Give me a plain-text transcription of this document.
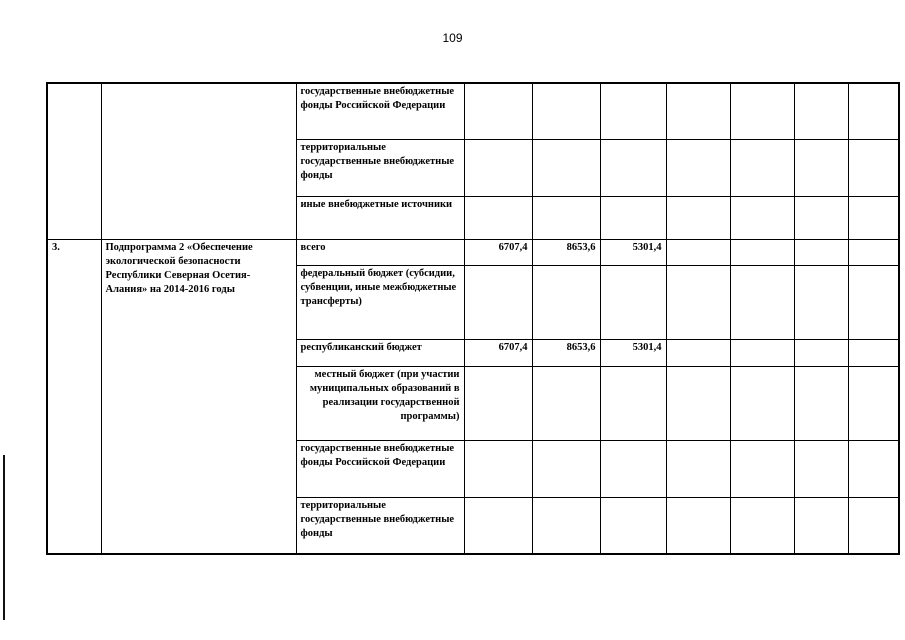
109
		государственные внебюджетные фонды Российской Федерации							
		территориальные государственные внебюджетные фонды							
		иные внебюджетные источники							
3.	Подпрограмма 2 «Обеспечение экологической безопасности Республики Северная Осетия-Алания» на 2014-2016 годы	всего	6707,4	8653,6	5301,4				
		федеральный бюджет (субсидии, субвенции, иные межбюджетные трансферты)							
		республиканский бюджет	6707,4	8653,6	5301,4				
		местный бюджет (при участии муниципальных образований в реализации государственной программы)							
		государственные внебюджетные фонды Российской Федерации							
		территориальные государственные внебюджетные фонды							
